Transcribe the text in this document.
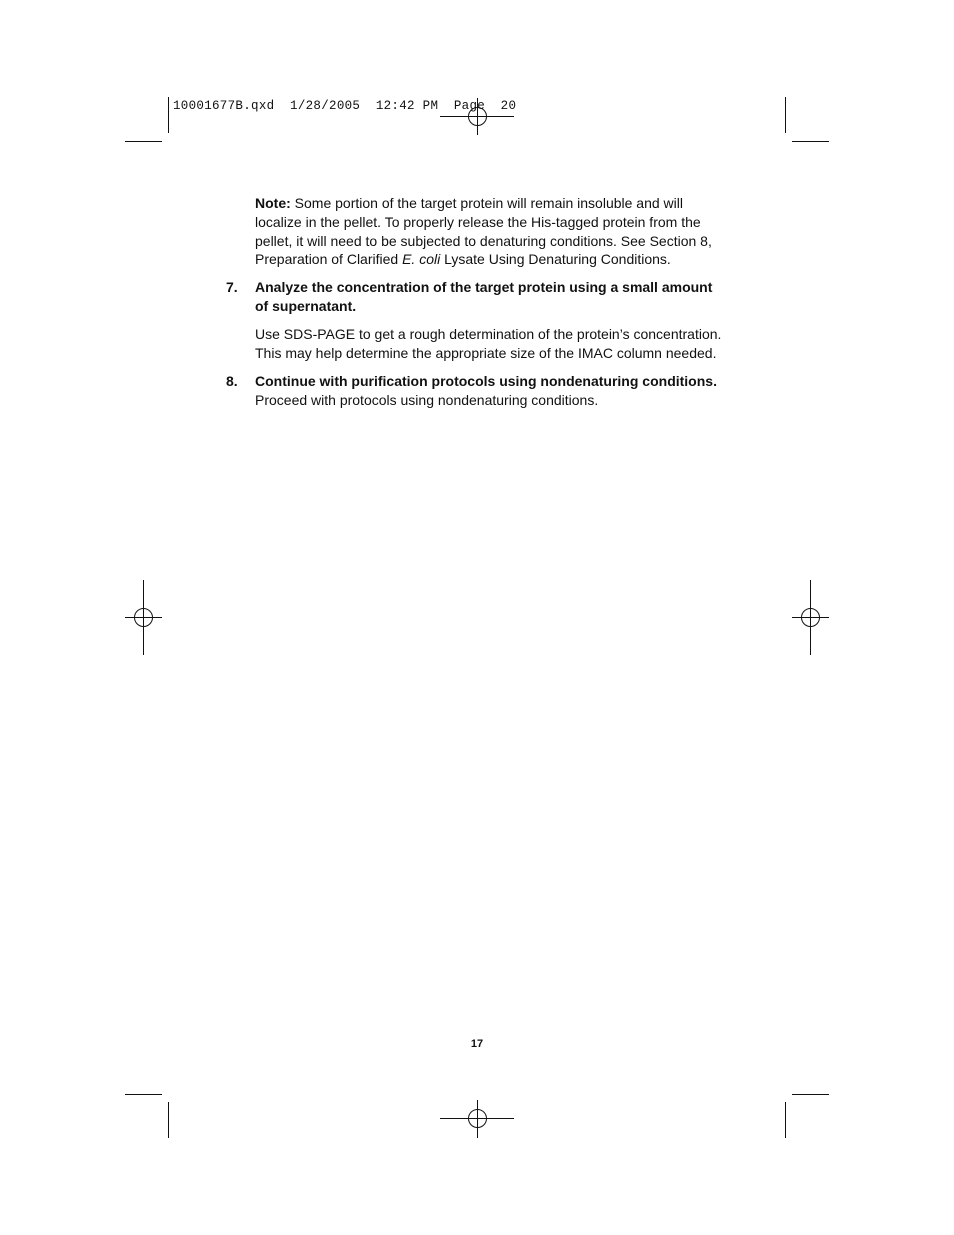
10001677B.qxd  1/28/2005  12:42 PM  Page  20

Note: Some portion of the target protein will remain insoluble and will localize in the pellet. To properly release the His-tagged protein from the pellet, it will need to be subjected to denaturing conditions. See Section 8, Preparation of Clarified E. coli Lysate Using Denaturing Conditions.

7. Analyze the concentration of the target protein using a small amount of supernatant.
Use SDS-PAGE to get a rough determination of the protein’s concentration. This may help determine the appropriate size of the IMAC column needed.
8. Continue with purification protocols using nondenaturing conditions.
Proceed with protocols using nondenaturing conditions.
17
